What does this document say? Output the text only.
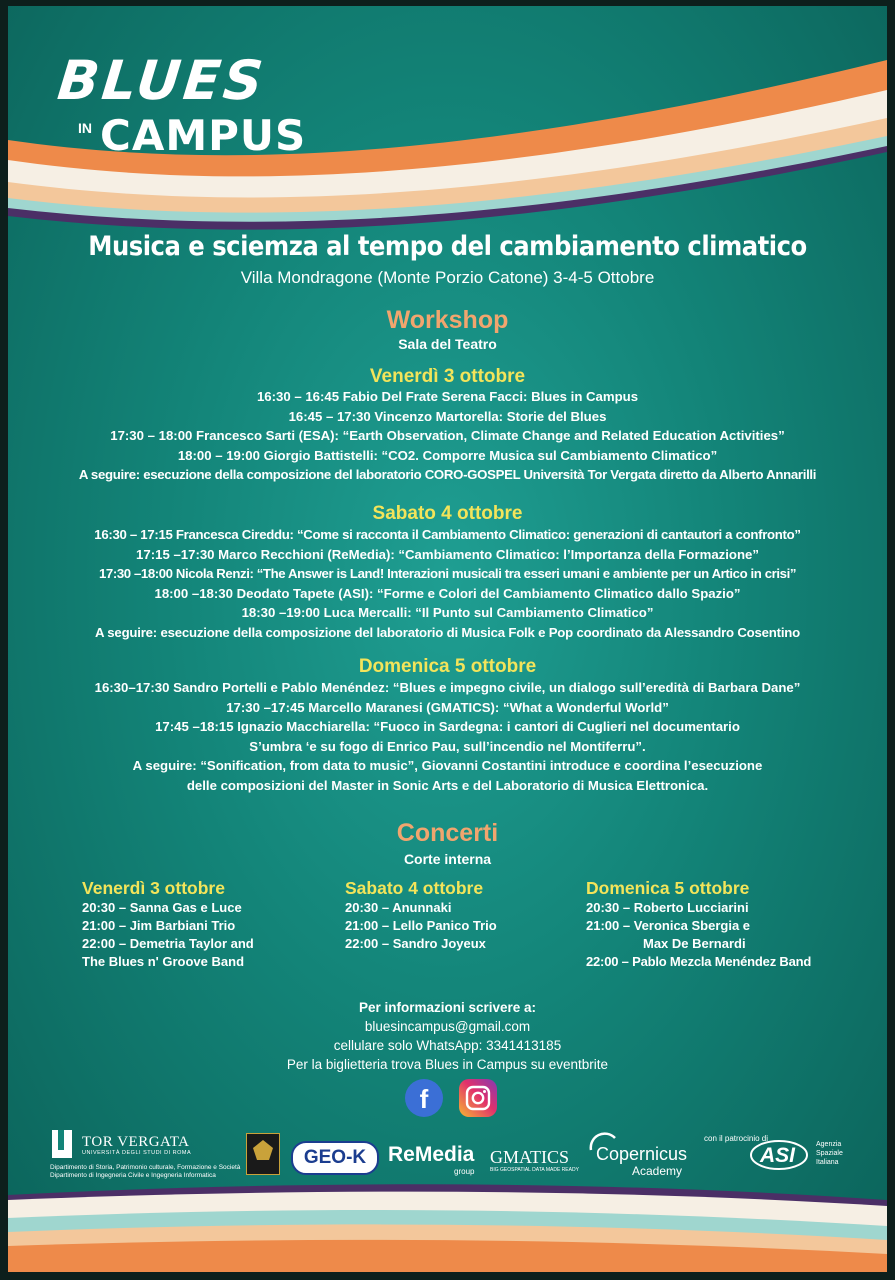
BLUES
IN CAMPUS
Musica e sciemza al tempo del cambiamento climatico
Villa Mondragone (Monte Porzio Catone) 3-4-5 Ottobre
Workshop
Sala del Teatro
Venerdì 3 ottobre
16:30 – 16:45 Fabio Del Frate Serena Facci: Blues in Campus
16:45 – 17:30 Vincenzo Martorella: Storie del Blues
17:30 – 18:00 Francesco Sarti (ESA): “Earth Observation, Climate Change and Related Education Activities”
18:00 – 19:00 Giorgio Battistelli: “CO2. Comporre Musica sul Cambiamento Climatico”
A seguire: esecuzione della composizione del laboratorio CORO-GOSPEL Università Tor Vergata diretto da Alberto Annarilli
Sabato 4 ottobre
16:30 – 17:15 Francesca Cireddu: “Come si racconta il Cambiamento Climatico: generazioni di cantautori a confronto”
17:15 –17:30 Marco Recchioni (ReMedia): “Cambiamento Climatico: l’Importanza della Formazione”
17:30 –18:00 Nicola Renzi: “The Answer is Land! Interazioni musicali tra esseri umani e ambiente per un Artico in crisi”
18:00 –18:30 Deodato Tapete (ASI): “Forme e Colori del Cambiamento Climatico dallo Spazio”
18:30 –19:00 Luca Mercalli: “Il Punto sul Cambiamento Climatico”
A seguire: esecuzione della composizione del laboratorio di Musica Folk e Pop coordinato da Alessandro Cosentino
Domenica 5 ottobre
16:30–17:30 Sandro Portelli e Pablo Menéndez: “Blues e impegno civile, un dialogo sull’eredità di Barbara Dane”
17:30 –17:45 Marcello Maranesi (GMATICS): “What a Wonderful World”
17:45 –18:15 Ignazio Macchiarella: “Fuoco in Sardegna: i cantori di Cuglieri nel documentario
S’umbra ‘e su fogo di Enrico Pau, sull’incendio nel Montiferru”.
A seguire: “Sonification, from data to music”, Giovanni Costantini introduce e coordina l’esecuzione
delle composizioni del Master in Sonic Arts e del Laboratorio di Musica Elettronica.
Concerti
Corte interna
Venerdì 3 ottobre
20:30 – Sanna Gas e Luce
21:00 – Jim Barbiani Trio
22:00 – Demetria Taylor and
The Blues n' Groove Band
Sabato 4 ottobre
20:30 – Anunnaki
21:00 – Lello Panico Trio
22:00 – Sandro Joyeux
Domenica 5 ottobre
20:30 – Roberto Lucciarini
21:00 – Veronica Sbergia e
Max De Bernardi
22:00 – Pablo Mezcla Menéndez Band
Per informazioni scrivere a:
bluesincampus@gmail.com
cellulare solo WhatsApp: 3341413185
Per la biglietteria trova Blues in Campus su eventbrite
f
TOR VERGATA
UNIVERSITÀ DEGLI STUDI DI ROMA
Dipartimento di Storia, Patrimonio culturale, Formazione e Società
Dipartimento di Ingegneria Civile e Ingegneria Informatica
GEO-K	ReMedia
group
GMATICS
BIG GEOSPATIAL DATA MADE READY
Copernicus
Academy
con il patrocinio di
ASI	Agenzia
Spaziale
Italiana
